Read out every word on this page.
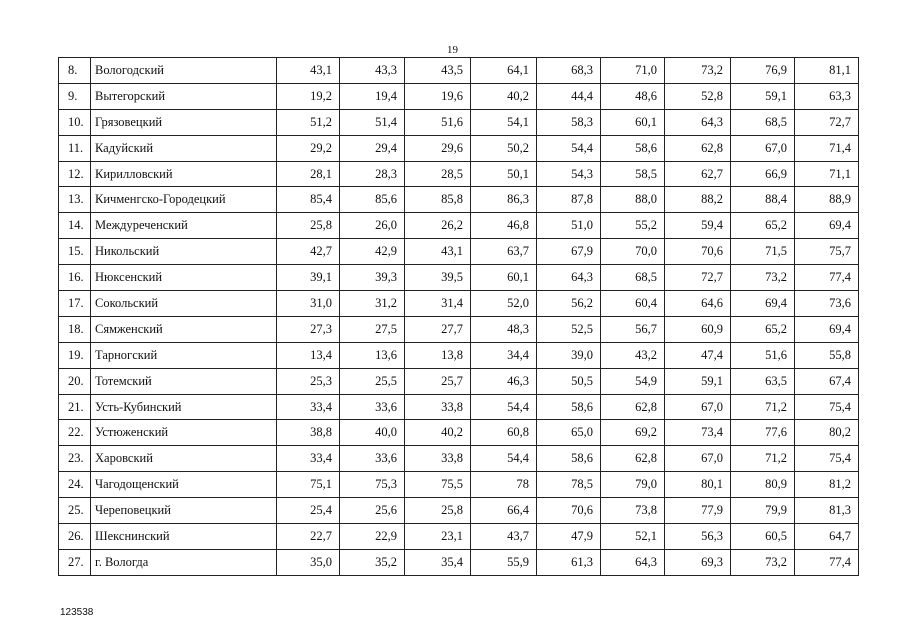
19
8.	Вологодский	43,1	43,3	43,5	64,1	68,3	71,0	73,2	76,9	81,1
9.	Вытегорский	19,2	19,4	19,6	40,2	44,4	48,6	52,8	59,1	63,3
10.	Грязовецкий	51,2	51,4	51,6	54,1	58,3	60,1	64,3	68,5	72,7
11.	Кадуйский	29,2	29,4	29,6	50,2	54,4	58,6	62,8	67,0	71,4
12.	Кирилловский	28,1	28,3	28,5	50,1	54,3	58,5	62,7	66,9	71,1
13.	Кичменгско-Городецкий	85,4	85,6	85,8	86,3	87,8	88,0	88,2	88,4	88,9
14.	Междуреченский	25,8	26,0	26,2	46,8	51,0	55,2	59,4	65,2	69,4
15.	Никольский	42,7	42,9	43,1	63,7	67,9	70,0	70,6	71,5	75,7
16.	Нюксенский	39,1	39,3	39,5	60,1	64,3	68,5	72,7	73,2	77,4
17.	Сокольский	31,0	31,2	31,4	52,0	56,2	60,4	64,6	69,4	73,6
18.	Сямженский	27,3	27,5	27,7	48,3	52,5	56,7	60,9	65,2	69,4
19.	Тарногский	13,4	13,6	13,8	34,4	39,0	43,2	47,4	51,6	55,8
20.	Тотемский	25,3	25,5	25,7	46,3	50,5	54,9	59,1	63,5	67,4
21.	Усть-Кубинский	33,4	33,6	33,8	54,4	58,6	62,8	67,0	71,2	75,4
22.	Устюженский	38,8	40,0	40,2	60,8	65,0	69,2	73,4	77,6	80,2
23.	Харовский	33,4	33,6	33,8	54,4	58,6	62,8	67,0	71,2	75,4
24.	Чагодощенский	75,1	75,3	75,5	78	78,5	79,0	80,1	80,9	81,2
25.	Череповецкий	25,4	25,6	25,8	66,4	70,6	73,8	77,9	79,9	81,3
26.	Шекснинский	22,7	22,9	23,1	43,7	47,9	52,1	56,3	60,5	64,7
27.	г. Вологда	35,0	35,2	35,4	55,9	61,3	64,3	69,3	73,2	77,4
123538
